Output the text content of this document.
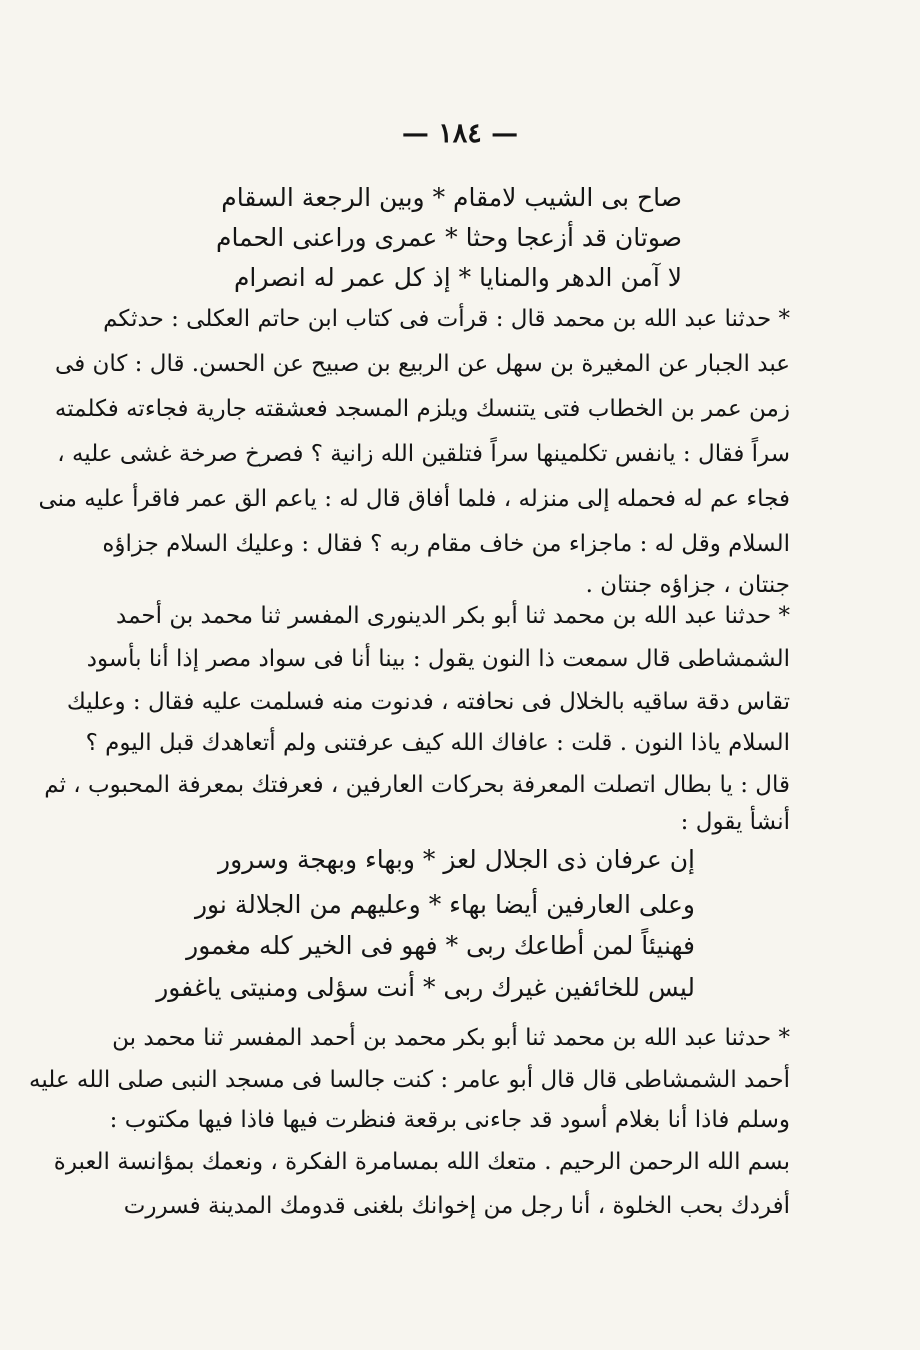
— ١٨٤ —
صاح بى الشيب لامقام * وبين الرجعة السقام
صوتان قد أزعجا وحثا * عمرى وراعنى الحمام
لا آمن الدهر والمنايا * إذ كل عمر له انصرام
* حدثنا عبد الله بن محمد قال : قرأت فى كتاب ابن حاتم العكلى : حدثكم
عبد الجبار عن المغيرة بن سهل عن الربيع بن صبيح عن الحسن. قال : كان فى
زمن عمر بن الخطاب فتى يتنسك ويلزم المسجد فعشقته جارية فجاءته فكلمته
سراً فقال : يانفس تكلمينها سراً فتلقين الله زانية ؟ فصرخ صرخة غشى عليه ،
فجاء عم له فحمله إلى منزله ، فلما أفاق قال له : ياعم الق عمر فاقرأ عليه منى
السلام وقل له : ماجزاء من خاف مقام ربه ؟ فقال : وعليك السلام جزاؤه
جنتان ، جزاؤه جنتان .
* حدثنا عبد الله بن محمد ثنا أبو بكر الدينورى المفسر ثنا محمد بن أحمد
الشمشاطى قال سمعت ذا النون يقول : بينا أنا فى سواد مصر إذا أنا بأسود
تقاس دقة ساقيه بالخلال فى نحافته ، فدنوت منه فسلمت عليه فقال : وعليك
السلام ياذا النون . قلت : عافاك الله كيف عرفتنى ولم أتعاهدك قبل اليوم ؟
قال : يا بطال اتصلت المعرفة بحركات العارفين ، فعرفتك بمعرفة المحبوب ، ثم
أنشأ يقول :
إن عرفان ذى الجلال لعز * وبهاء وبهجة وسرور
وعلى العارفين أيضا بهاء * وعليهم من الجلالة نور
فهنيئاً لمن أطاعك ربى * فهو فى الخير كله مغمور
ليس للخائفين غيرك ربى * أنت سؤلى ومنيتى ياغفور
* حدثنا عبد الله بن محمد ثنا أبو بكر محمد بن أحمد المفسر ثنا محمد بن
أحمد الشمشاطى قال قال أبو عامر : كنت جالسا فى مسجد النبى صلى الله عليه
وسلم فاذا أنا بغلام أسود قد جاءنى برقعة فنظرت فيها فاذا فيها مكتوب :
بسم الله الرحمن الرحيم . متعك الله بمسامرة الفكرة ، ونعمك بمؤانسة العبرة
أفردك بحب الخلوة ، أنا رجل من إخوانك بلغنى قدومك المدينة فسررت
